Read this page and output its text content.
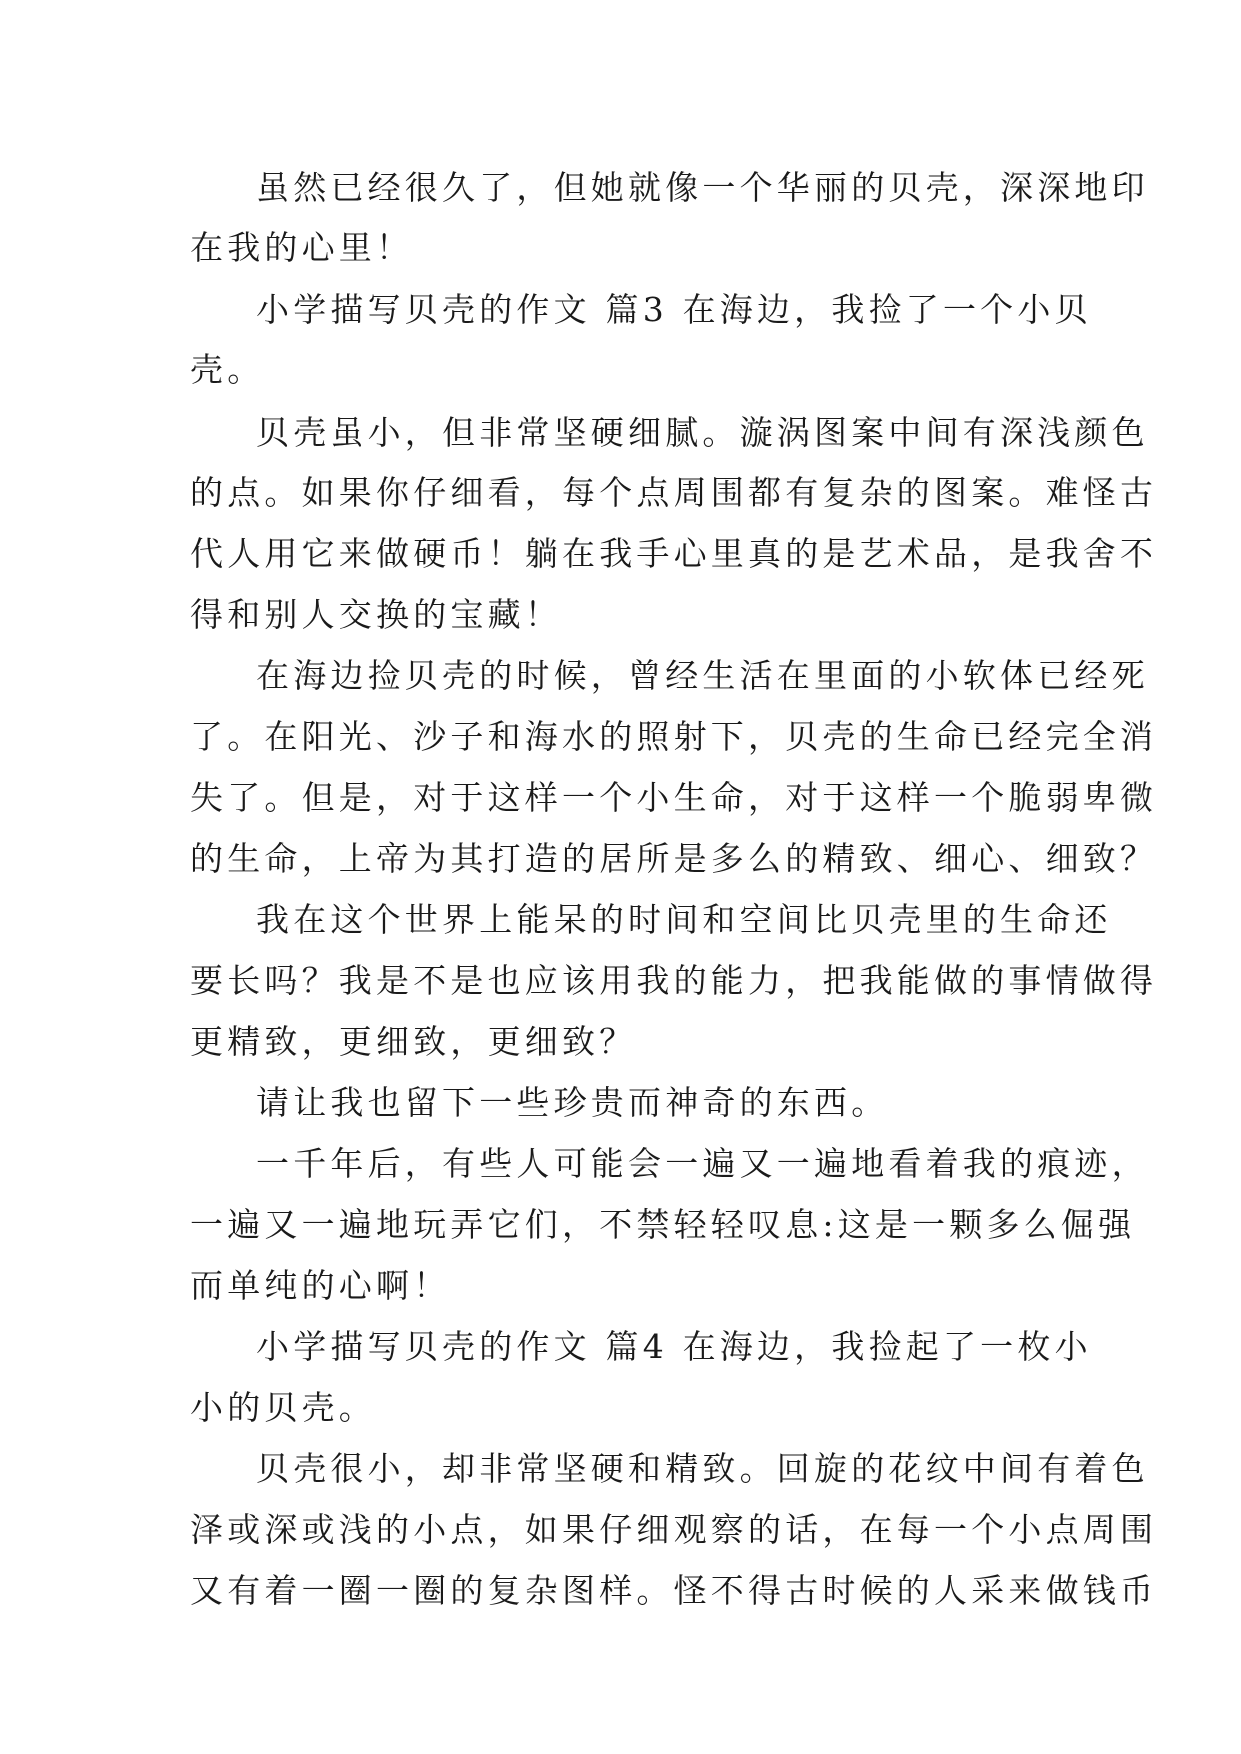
虽然已经很久了，但她就像一个华丽的贝壳，深深地印
在我的心里！
小学描写贝壳的作文 篇3 在海边，我捡了一个小贝
壳。
贝壳虽小，但非常坚硬细腻。漩涡图案中间有深浅颜色
的点。如果你仔细看，每个点周围都有复杂的图案。难怪古
代人用它来做硬币！躺在我手心里真的是艺术品，是我舍不
得和别人交换的宝藏！
在海边捡贝壳的时候，曾经生活在里面的小软体已经死
了。在阳光、沙子和海水的照射下，贝壳的生命已经完全消
失了。但是，对于这样一个小生命，对于这样一个脆弱卑微
的生命，上帝为其打造的居所是多么的精致、细心、细致？
我在这个世界上能呆的时间和空间比贝壳里的生命还
要长吗？我是不是也应该用我的能力，把我能做的事情做得
更精致，更细致，更细致？
请让我也留下一些珍贵而神奇的东西。
一千年后，有些人可能会一遍又一遍地看着我的痕迹，
一遍又一遍地玩弄它们，不禁轻轻叹息:这是一颗多么倔强
而单纯的心啊！
小学描写贝壳的作文 篇4 在海边，我捡起了一枚小
小的贝壳。
贝壳很小，却非常坚硬和精致。回旋的花纹中间有着色
泽或深或浅的小点，如果仔细观察的话，在每一个小点周围
又有着一圈一圈的复杂图样。怪不得古时候的人采来做钱币
